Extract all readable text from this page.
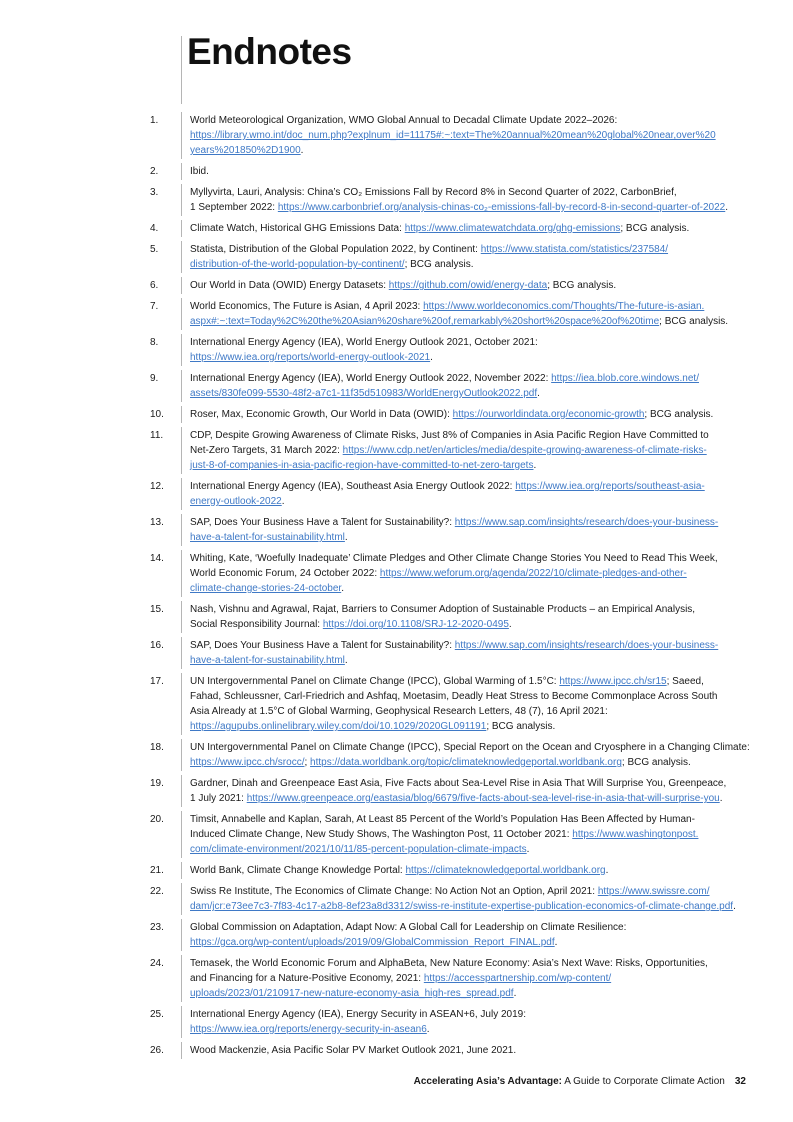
Endnotes
1.	World Meteorological Organization, WMO Global Annual to Decadal Climate Update 2022–2026:
https://library.wmo.int/doc_num.php?explnum_id=11175#:~:text=The%20annual%20mean%20global%20near,over%20
years%201850%2D1900.
2.	Ibid.
3.	Myllyvirta, Lauri, Analysis: China’s CO₂ Emissions Fall by Record 8% in Second Quarter of 2022, CarbonBrief,
1 September 2022: https://www.carbonbrief.org/analysis-chinas-co₂-emissions-fall-by-record-8-in-second-quarter-of-2022.
4.	Climate Watch, Historical GHG Emissions Data: https://www.climatewatchdata.org/ghg-emissions; BCG analysis.
5.	Statista, Distribution of the Global Population 2022, by Continent: https://www.statista.com/statistics/237584/
distribution-of-the-world-population-by-continent/; BCG analysis.
6.	Our World in Data (OWID) Energy Datasets: https://github.com/owid/energy-data; BCG analysis.
7.	World Economics, The Future is Asian, 4 April 2023: https://www.worldeconomics.com/Thoughts/The-future-is-asian.
aspx#:~:text=Today%2C%20the%20Asian%20share%20of,remarkably%20short%20space%20of%20time; BCG analysis.
8.	International Energy Agency (IEA), World Energy Outlook 2021, October 2021:
https://www.iea.org/reports/world-energy-outlook-2021.
9.	International Energy Agency (IEA), World Energy Outlook 2022, November 2022: https://iea.blob.core.windows.net/
assets/830fe099-5530-48f2-a7c1-11f35d510983/WorldEnergyOutlook2022.pdf.
10.	Roser, Max, Economic Growth, Our World in Data (OWID): https://ourworldindata.org/economic-growth; BCG analysis.
11.	CDP, Despite Growing Awareness of Climate Risks, Just 8% of Companies in Asia Pacific Region Have Committed to
Net-Zero Targets, 31 March 2022: https://www.cdp.net/en/articles/media/despite-growing-awareness-of-climate-risks-
just-8-of-companies-in-asia-pacific-region-have-committed-to-net-zero-targets.
12.	International Energy Agency (IEA), Southeast Asia Energy Outlook 2022: https://www.iea.org/reports/southeast-asia-
energy-outlook-2022.
13.	SAP, Does Your Business Have a Talent for Sustainability?: https://www.sap.com/insights/research/does-your-business-
have-a-talent-for-sustainability.html.
14.	Whiting, Kate, ‘Woefully Inadequate’ Climate Pledges and Other Climate Change Stories You Need to Read This Week,
World Economic Forum, 24 October 2022: https://www.weforum.org/agenda/2022/10/climate-pledges-and-other-
climate-change-stories-24-october.
15.	Nash, Vishnu and Agrawal, Rajat, Barriers to Consumer Adoption of Sustainable Products – an Empirical Analysis,
Social Responsibility Journal: https://doi.org/10.1108/SRJ-12-2020-0495.
16.	SAP, Does Your Business Have a Talent for Sustainability?: https://www.sap.com/insights/research/does-your-business-
have-a-talent-for-sustainability.html.
17.	UN Intergovernmental Panel on Climate Change (IPCC), Global Warming of 1.5°C: https://www.ipcc.ch/sr15; Saeed,
Fahad, Schleussner, Carl-Friedrich and Ashfaq, Moetasim, Deadly Heat Stress to Become Commonplace Across South
Asia Already at 1.5°C of Global Warming, Geophysical Research Letters, 48 (7), 16 April 2021:
https://agupubs.onlinelibrary.wiley.com/doi/10.1029/2020GL091191; BCG analysis.
18.	UN Intergovernmental Panel on Climate Change (IPCC), Special Report on the Ocean and Cryosphere in a Changing Climate:
https://www.ipcc.ch/srocc/; https://data.worldbank.org/topic/climateknowledgeportal.worldbank.org; BCG analysis.
19.	Gardner, Dinah and Greenpeace East Asia, Five Facts about Sea-Level Rise in Asia That Will Surprise You, Greenpeace,
1 July 2021: https://www.greenpeace.org/eastasia/blog/6679/five-facts-about-sea-level-rise-in-asia-that-will-surprise-you.
20.	Timsit, Annabelle and Kaplan, Sarah, At Least 85 Percent of the World’s Population Has Been Affected by Human-
Induced Climate Change, New Study Shows, The Washington Post, 11 October 2021: https://www.washingtonpost.
com/climate-environment/2021/10/11/85-percent-population-climate-impacts.
21.	World Bank, Climate Change Knowledge Portal: https://climateknowledgeportal.worldbank.org.
22.	Swiss Re Institute, The Economics of Climate Change: No Action Not an Option, April 2021: https://www.swissre.com/
dam/jcr:e73ee7c3-7f83-4c17-a2b8-8ef23a8d3312/swiss-re-institute-expertise-publication-economics-of-climate-change.pdf.
23.	Global Commission on Adaptation, Adapt Now: A Global Call for Leadership on Climate Resilience:
https://gca.org/wp-content/uploads/2019/09/GlobalCommission_Report_FINAL.pdf.
24.	Temasek, the World Economic Forum and AlphaBeta, New Nature Economy: Asia’s Next Wave: Risks, Opportunities,
and Financing for a Nature-Positive Economy, 2021: https://accesspartnership.com/wp-content/
uploads/2023/01/210917-new-nature-economy-asia_high-res_spread.pdf.
25.	International Energy Agency (IEA), Energy Security in ASEAN+6, July 2019:
https://www.iea.org/reports/energy-security-in-asean6.
26.	Wood Mackenzie, Asia Pacific Solar PV Market Outlook 2021, June 2021.
Accelerating Asia’s Advantage: A Guide to Corporate Climate Action 32
